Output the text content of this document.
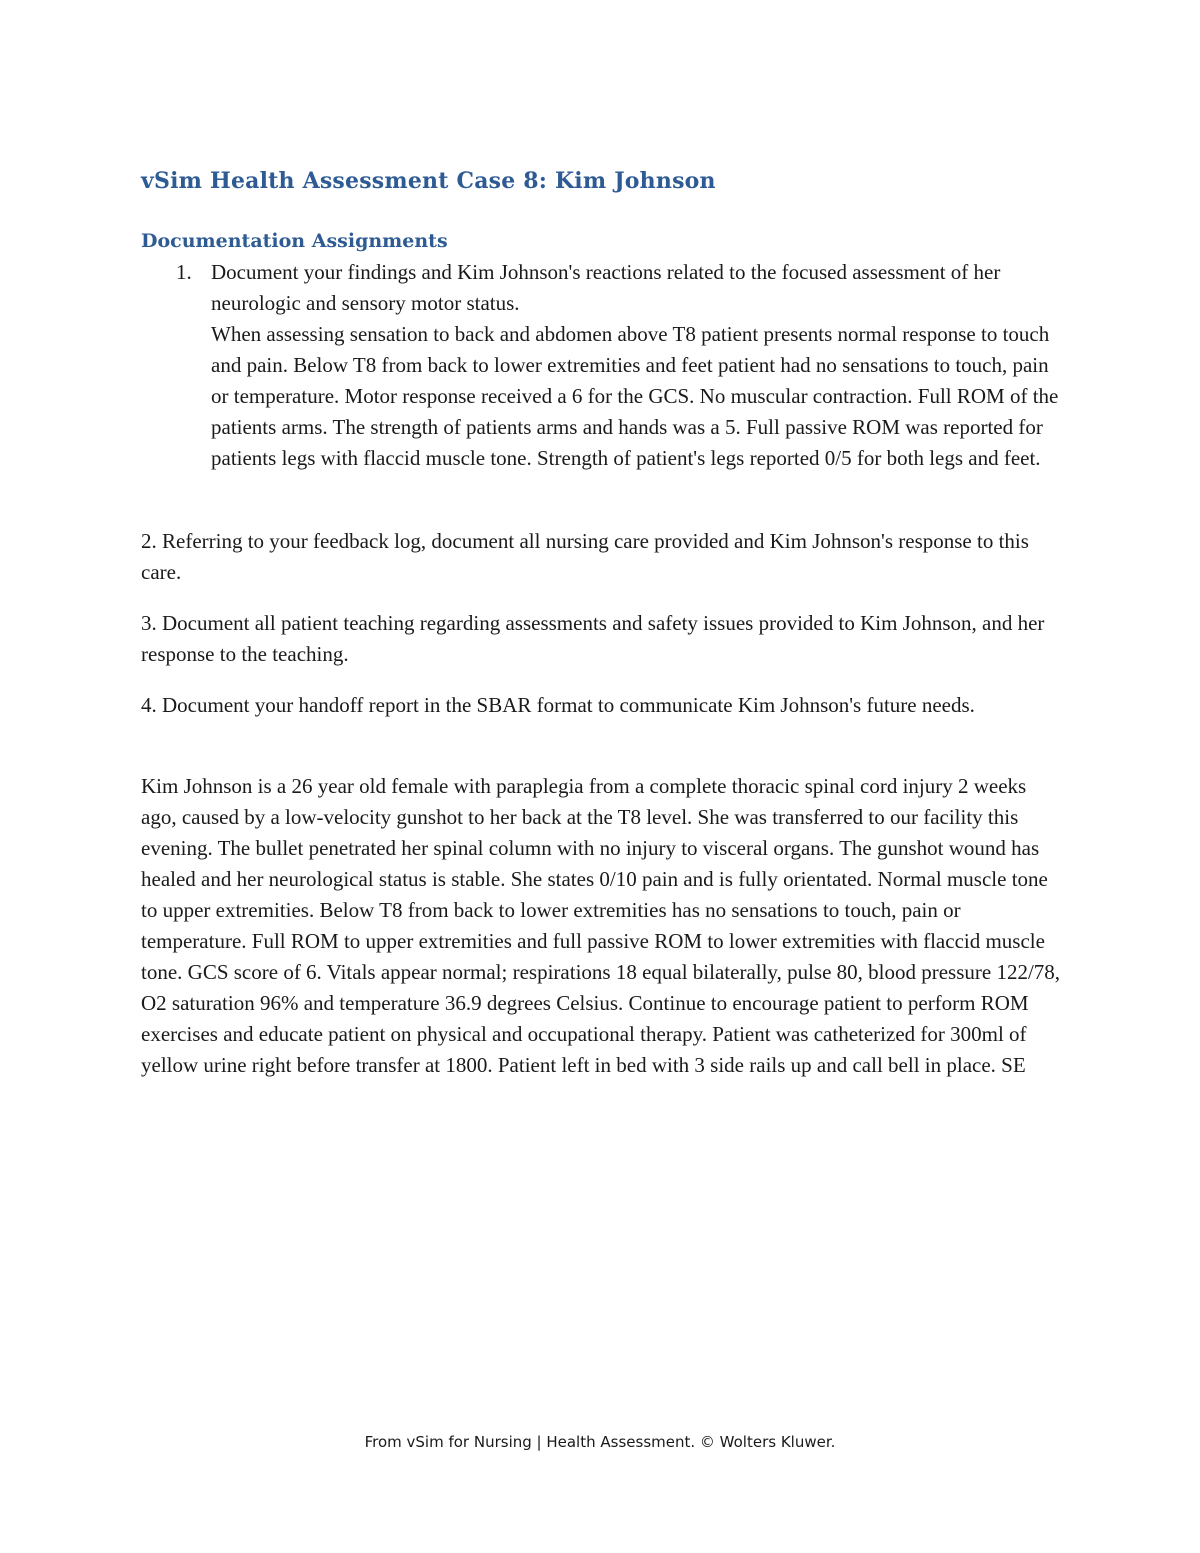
vSim Health Assessment Case 8: Kim Johnson
Documentation Assignments
1. Document your findings and Kim Johnson's reactions related to the focused assessment of her neurologic and sensory motor status.

When assessing sensation to back and abdomen above T8 patient presents normal response to touch and pain. Below T8 from back to lower extremities and feet patient had no sensations to touch, pain or temperature. Motor response received a 6 for the GCS. No muscular contraction. Full ROM of the patients arms. The strength of patients arms and hands was a 5. Full passive ROM was reported for patients legs with flaccid muscle tone. Strength of patient's legs reported 0/5 for both legs and feet.

2. Referring to your feedback log, document all nursing care provided and Kim Johnson's response to this care.

3. Document all patient teaching regarding assessments and safety issues provided to Kim Johnson, and her response to the teaching.

4. Document your handoff report in the SBAR format to communicate Kim Johnson's future needs.

Kim Johnson is a 26 year old female with paraplegia from a complete thoracic spinal cord injury 2 weeks ago, caused by a low-velocity gunshot to her back at the T8 level. She was transferred to our facility this evening. The bullet penetrated her spinal column with no injury to visceral organs. The gunshot wound has healed and her neurological status is stable. She states 0/10 pain and is fully orientated. Normal muscle tone to upper extremities. Below T8 from back to lower extremities has no sensations to touch, pain or temperature. Full ROM to upper extremities and full passive ROM to lower extremities with flaccid muscle tone. GCS score of 6. Vitals appear normal; respirations 18 equal bilaterally, pulse 80, blood pressure 122/78, O2 saturation 96% and temperature 36.9 degrees Celsius. Continue to encourage patient to perform ROM exercises and educate patient on physical and occupational therapy. Patient was catheterized for 300ml of yellow urine right before transfer at 1800. Patient left in bed with 3 side rails up and call bell in place. SE

From vSim for Nursing | Health Assessment. © Wolters Kluwer.
